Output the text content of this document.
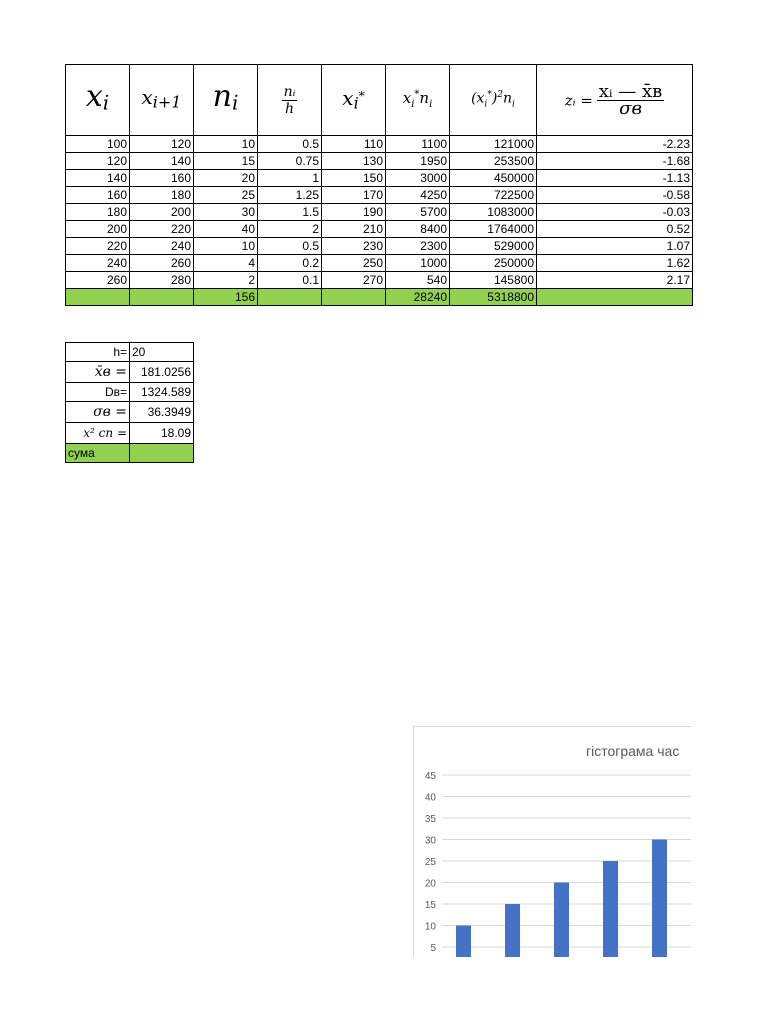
$x_i$	$x_{i+1}$	$n_i$	$\frac{\text{nᵢ}}{h}$	$x_i^*$	$x_i^*n_i$	$(x_i^*)^2n_i$	zᵢ = $\frac{\text{xᵢ — x̄в}}{\sigma в}$

100	120	10	0.5	110	1100	121000	-2.23
120	140	15	0.75	130	1950	253500	-1.68
140	160	20	1	150	3000	450000	-1.13
160	180	25	1.25	170	4250	722500	-0.58
180	200	30	1.5	190	5700	1083000	-0.03
200	220	40	2	210	8400	1764000	0.52
220	240	10	0.5	230	2300	529000	1.07
240	260	4	0.2	250	1000	250000	1.62
260	280	2	0.1	270	540	145800	2.17
		156			28240	5318800	
h=	20
x̄в =	181.0256
Dв=	1324.589
σв =	36.3949
x² сп =	18.09
сума	
гістограма час
5
10
15
20
25
30
35
40
45
